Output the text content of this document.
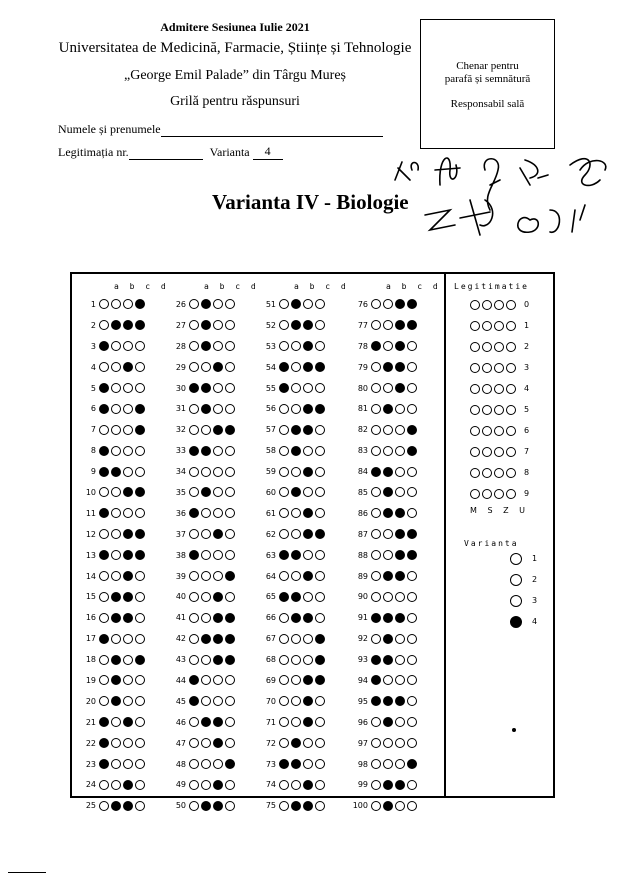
Admitere Sesiunea Iulie 2021
Universitatea de Medicină, Farmacie, Științe și Tehnologie
„George Emil Palade” din Târgu Mureș
Grilă pentru răspunsuri
Numele și prenumele
Legitimația nr.	Varianta 4
Chenar pentru
parafă și semnătură
Responsabil sală
Varianta IV - Biologie
a b c d
1
2
3
4
5
6
7
8
9
10
11
12
13
14
15
16
17
18
19
20
21
22
23
24
25
a b c d
26
27
28
29
30
31
32
33
34
35
36
37
38
39
40
41
42
43
44
45
46
47
48
49
50
a b c d
51
52
53
54
55
56
57
58
59
60
61
62
63
64
65
66
67
68
69
70
71
72
73
74
75
a b c d
76
77
78
79
80
81
82
83
84
85
86
87
88
89
90
91
92
93
94
95
96
97
98
99
100
Legitimatie
0
1
2
3
4
5
6
7
8
9
M S Z U
Varianta
1
2
3
4
